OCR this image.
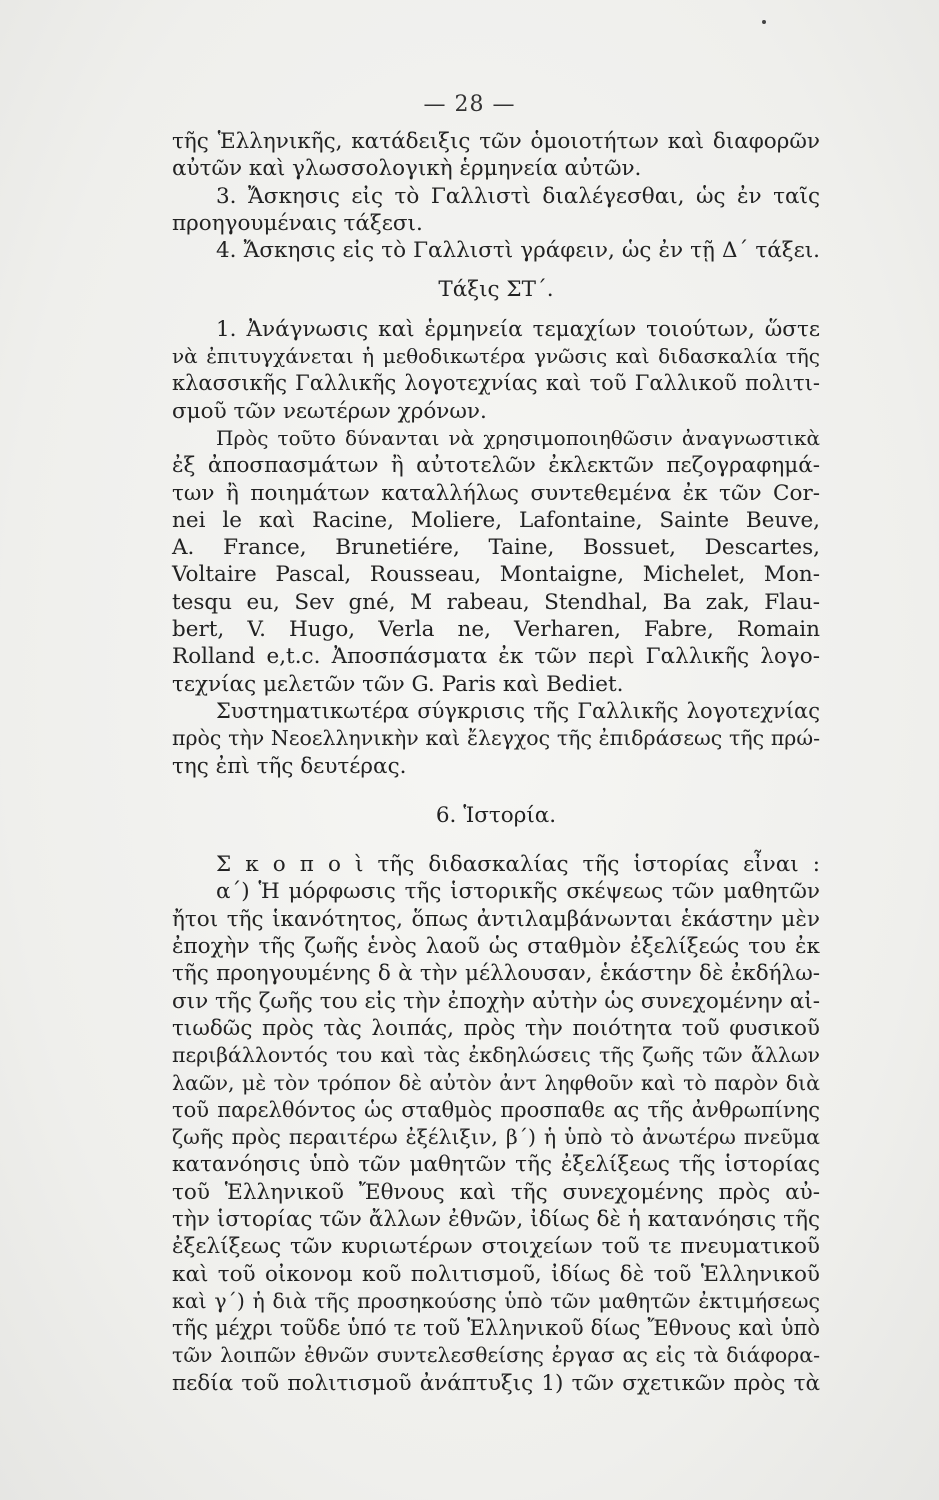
— 28 —
τῆς Ἑλληνικῆς, κατάδειξις τῶν ὁμοιοτήτων καὶ διαφορῶν
αὐτῶν καὶ γλωσσολογικὴ ἑρμηνεία αὐτῶν.
3. Ἄσκησις εἰς τὸ Γαλλιστὶ διαλέγεσθαι, ὡς ἐν ταῖς
προηγουμέναις τάξεσι.
4. Ἄσκησις εἰς τὸ Γαλλιστὶ γράφειν, ὡς ἐν τῇ Δ΄ τάξει.
Τάξις ΣΤ΄.
1. Ἀνάγνωσις καὶ ἑρμηνεία τεμαχίων τοιούτων, ὥστε
νὰ ἐπιτυγχάνεται ἡ μεθοδικωτέρα γνῶσις καὶ διδασκαλία τῆς
κλασσικῆς Γαλλικῆς λογοτεχνίας καὶ τοῦ Γαλλικοῦ πολιτι-
σμοῦ τῶν νεωτέρων χρόνων.
Πρὸς τοῦτο δύνανται νὰ χρησιμοποιηθῶσιν ἀναγνωστικὰ
ἐξ ἀποσπασμάτων ἢ αὐτοτελῶν ἐκλεκτῶν πεζογραφημά-
των ἢ ποιημάτων καταλλήλως συντεθεμένα ἐκ τῶν Cor-
nei le καὶ Racine, Moliere, Lafontaine, Sainte Beuve,
A. France, Brunetiére, Taine, Bossuet, Descartes,
Voltaire Pascal, Rousseau, Montaigne, Michelet, Mon-
tesqu eu, Sev gné, M rabeau, Stendhal, Ba zak, Flau-
bert, V. Hugo, Verla ne, Verharen, Fabre, Romain
Rolland e,t.c. Ἀποσπάσματα ἐκ τῶν περὶ Γαλλικῆς λογο-
τεχνίας μελετῶν τῶν G. Paris καὶ Bediet.
Συστηματικωτέρα σύγκρισις τῆς Γαλλικῆς λογοτεχνίας
πρὸς τὴν Νεοελληνικὴν καὶ ἔλεγχος τῆς ἐπιδράσεως τῆς πρώ-
της ἐπὶ τῆς δευτέρας.
6. Ἱστορία.
Σ κ ο π ο ὶ τῆς διδασκαλίας τῆς ἱστορίας εἶναι :
α΄) Ἡ μόρφωσις τῆς ἱστορικῆς σκέψεως τῶν μαθητῶν
ἤτοι τῆς ἱκανότητος, ὅπως ἀντιλαμβάνωνται ἑκάστην μὲν
ἐποχὴν τῆς ζωῆς ἑνὸς λαοῦ ὡς σταθμὸν ἐξελίξεώς του ἐκ
τῆς προηγουμένης δ ὰ τὴν μέλλουσαν, ἑκάστην δὲ ἐκδήλω-
σιν τῆς ζωῆς του εἰς τὴν ἐποχὴν αὐτὴν ὡς συνεχομένην αἰ-
τιωδῶς πρὸς τὰς λοιπάς, πρὸς τὴν ποιότητα τοῦ φυσικοῦ
περιβάλλοντός του καὶ τὰς ἐκδηλώσεις τῆς ζωῆς τῶν ἄλλων
λαῶν, μὲ τὸν τρόπον δὲ αὐτὸν ἀντ ληφθοῦν καὶ τὸ παρὸν διὰ
τοῦ παρελθόντος ὡς σταθμὸς προσπαθε ας τῆς ἀνθρωπίνης
ζωῆς πρὸς περαιτέρω ἐξέλιξιν, β΄) ἡ ὑπὸ τὸ ἀνωτέρω πνεῦμα
κατανόησις ὑπὸ τῶν μαθητῶν τῆς ἐξελίξεως τῆς ἱστορίας
τοῦ Ἑλληνικοῦ Ἔθνους καὶ τῆς συνεχομένης πρὸς αὐ-
τὴν ἱστορίας τῶν ἄλλων ἐθνῶν, ἰδίως δὲ ἡ κατανόησις τῆς
ἐξελίξεως τῶν κυριωτέρων στοιχείων τοῦ τε πνευματικοῦ
καὶ τοῦ οἰκονομ κοῦ πολιτισμοῦ, ἰδίως δὲ τοῦ Ἑλληνικοῦ
καὶ γ΄) ἡ διὰ τῆς προσηκούσης ὑπὸ τῶν μαθητῶν ἐκτιμήσεως
τῆς μέχρι τοῦδε ὑπό τε τοῦ Ἑλληνικοῦ δίως Ἔθνους καὶ ὑπὸ
τῶν λοιπῶν ἐθνῶν συντελεσθείσης ἐργασ ας εἰς τὰ διάφορα-
πεδία τοῦ πολιτισμοῦ ἀνάπτυξις 1) τῶν σχετικῶν πρὸς τὰ
